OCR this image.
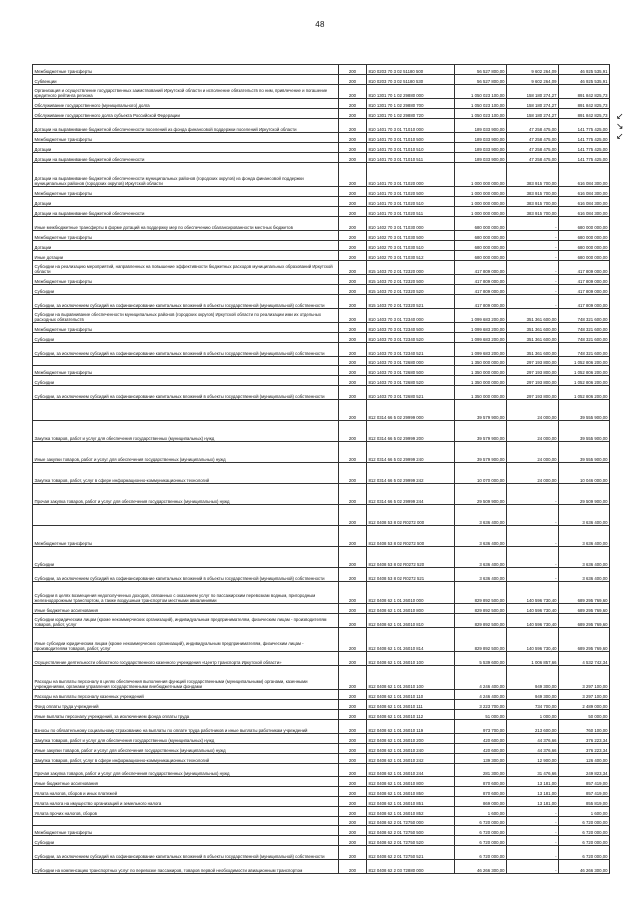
48
Межбюджетные трансферты	200	810 0203 70 3 02 51180 500	56 527 800,00	9 602 264,09	46 925 535,91
Субвенции	200	810 0203 70 3 02 51180 530	56 527 800,00	9 602 264,09	46 925 535,91
Организация и осуществление государственных заимствований Иркутской области и исполнение обязательств по ним, привлечение и погашение кредитного рейтинга региона	200	810 1301 70 1 02 29880 000	1 050 023 100,00	158 180 274,27	891 842 825,73
Обслуживание государственного (муниципального) долга	200	810 1301 70 1 02 29880 700	1 050 023 100,00	158 180 274,27	891 842 825,73
Обслуживание государственного долга субъекта Российской Федерации	200	810 1301 70 1 02 29880 720	1 050 023 100,00	158 180 274,27	891 842 825,73
Дотации на выравнивание бюджетной обеспеченности поселений из фонда финансовой поддержки поселений Иркутской области	200	810 1401 70 3 01 71010 000	189 033 900,00	47 258 475,00	141 775 425,00
Межбюджетные трансферты	200	810 1401 70 3 01 71010 500	189 033 900,00	47 258 475,00	141 775 425,00
Дотации	200	810 1401 70 3 01 71010 510	189 033 900,00	47 258 475,00	141 775 425,00
Дотации на выравнивание бюджетной обеспеченности	200	810 1401 70 3 01 71010 511	189 033 900,00	47 258 475,00	141 775 425,00
Дотации на выравнивание бюджетной обеспеченности муниципальных районов (городских округов) из фонда финансовой поддержки муниципальных районов (городских округов) Иркутской области	200	810 1401 70 3 01 71020 000	1 000 000 000,00	383 915 700,00	616 084 300,00
Межбюджетные трансферты	200	810 1401 70 3 01 71020 500	1 000 000 000,00	383 915 700,00	616 084 300,00
Дотации	200	810 1401 70 3 01 71020 510	1 000 000 000,00	383 915 700,00	616 084 300,00
Дотации на выравнивание бюджетной обеспеченности	200	810 1401 70 3 01 71020 511	1 000 000 000,00	383 915 700,00	616 084 300,00
Иные межбюджетные трансферты в форме дотаций на поддержку мер по обеспечению сбалансированности местных бюджетов	200	810 1402 70 3 01 71030 000	680 000 000,00	-	680 000 000,00
Межбюджетные трансферты	200	810 1402 70 3 01 71030 500	680 000 000,00	-	680 000 000,00
Дотации	200	810 1402 70 3 01 71030 510	680 000 000,00	-	680 000 000,00
Иные дотации	200	810 1402 70 3 01 71030 512	680 000 000,00	-	680 000 000,00
Субсидии на реализацию мероприятий, направленных на повышение эффективности бюджетных расходов муниципальных образований Иркутской области	200	815 1403 70 2 01 72320 000	417 809 000,00	-	417 809 000,00
Межбюджетные трансферты	200	815 1403 70 2 01 72320 500	417 809 000,00	-	417 809 000,00
Субсидии	200	815 1403 70 2 01 72320 520	417 809 000,00	-	417 809 000,00
Субсидии, за исключением субсидий на софинансирование капитальных вложений в объекты государственной (муниципальной) собственности	200	815 1403 70 2 01 72320 521	417 809 000,00	-	417 809 000,00
Субсидии на выравнивание обеспеченности муниципальных районов (городских округов) Иркутской области по реализации ими их отдельных расходных обязательств	200	810 1403 70 3 01 72340 000	1 099 683 200,00	351 361 600,00	748 321 600,00
Межбюджетные трансферты	200	810 1403 70 3 01 72340 500	1 099 683 200,00	351 361 600,00	748 321 600,00
Субсидии	200	810 1403 70 3 01 72340 520	1 099 683 200,00	351 361 600,00	748 321 600,00
Субсидии, за исключением субсидий на софинансирование капитальных вложений в объекты государственной (муниципальной) собственности	200	810 1403 70 3 01 72340 521	1 099 683 200,00	351 361 600,00	748 321 600,00
	200	810 1403 70 3 01 72680 000	1 350 000 000,00	297 193 800,00	1 052 806 200,00
Межбюджетные трансферты	200	810 1403 70 3 01 72680 500	1 350 000 000,00	297 193 800,00	1 052 806 200,00
Субсидии	200	810 1403 70 3 01 72680 520	1 350 000 000,00	297 193 800,00	1 052 806 200,00
Субсидии, за исключением субсидий на софинансирование капитальных вложений в объекты государственной (муниципальной) собственности	200	810 1403 70 3 01 72680 521	1 350 000 000,00	297 193 800,00	1 052 806 200,00
	200	812 0314 66 5 02 29999 000	39 579 900,00	24 000,00	39 555 900,00
Закупка товаров, работ и услуг для обеспечения государственных (муниципальных) нужд	200	812 0314 66 5 02 29999 200	39 579 900,00	24 000,00	39 555 900,00
Иные закупки товаров, работ и услуг для обеспечения государственных (муниципальных) нужд	200	812 0314 66 5 02 29999 240	39 579 900,00	24 000,00	39 555 900,00
Закупка товаров, работ, услуг в сфере информационно-коммуникационных технологий	200	812 0314 66 5 02 29999 242	10 070 000,00	24 000,00	10 046 000,00
Прочая закупка товаров, работ и услуг для обеспечения государственных (муниципальных) нужд	200	812 0314 66 5 02 29999 244	29 509 900,00	-	29 509 900,00
	200	812 0408 53 8 02 R0272 000	3 636 400,00	-	3 636 400,00
Межбюджетные трансферты	200	812 0408 53 8 02 R0272 500	3 636 400,00	-	3 636 400,00
Субсидии	200	812 0408 53 8 02 R0272 520	3 636 400,00	-	3 636 400,00
Субсидии, за исключением субсидий на софинансирование капитальных вложений в объекты государственной (муниципальной) собственности	200	812 0408 53 8 02 R0272 521	3 636 400,00	-	3 636 400,00
Субсидии в целях возмещения недополученных доходов, связанных с оказанием услуг по пассажирским перевозкам водным, пригородным железнодорожным транспортом, а также воздушным транспортом местными авиалиниями	200	812 0408 62 1 01 26010 000	829 892 500,00	140 596 730,40	689 295 769,60
Иные бюджетные ассигнования	200	812 0408 62 1 01 26010 800	829 892 500,00	140 596 730,40	689 295 769,60
Субсидии юридическим лицам (кроме некоммерческих организаций), индивидуальным предпринимателям, физическим лицам - производителям товаров, работ, услуг	200	812 0408 62 1 01 26010 810	829 892 500,00	140 596 730,40	689 295 769,60
Иные субсидии юридическим лицам (кроме некоммерческих организаций), индивидуальным предпринимателям, физическим лицам - производителям товаров, работ, услуг	200	812 0408 62 1 01 26010 814	829 892 500,00	140 596 730,40	689 295 769,60
Осуществление деятельности областного государственного казенного учреждения «Центр транспорта Иркутской области»	200	812 0408 62 1 01 26010 100	5 539 600,00	1 006 857,66	4 532 742,34
Расходы на выплаты персоналу в целях обеспечения выполнения функций государственными (муниципальными) органами, казенными учреждениями, органами управления государственными внебюджетными фондами	200	812 0408 62 1 01 26010 100	4 246 400,00	949 300,00	3 297 100,00
Расходы на выплаты персоналу казенных учреждений	200	812 0408 62 1 01 26010 110	4 246 400,00	949 300,00	3 297 100,00
Фонд оплаты труда учреждений	200	812 0408 62 1 01 26010 111	3 223 700,00	734 700,00	2 489 000,00
Иные выплаты персоналу учреждений, за исключением фонда оплаты труда	200	812 0408 62 1 01 26010 112	51 000,00	1 000,00	50 000,00
Взносы по обязательному социальному страхованию на выплаты по оплате труда работников и иные выплаты работникам учреждений	200	812 0408 62 1 01 26010 119	973 700,00	213 600,00	760 100,00
Закупка товаров, работ и услуг для обеспечения государственных (муниципальных) нужд	200	812 0408 62 1 01 26010 200	420 600,00	44 376,66	376 223,34
Иные закупки товаров, работ и услуг для обеспечения государственных (муниципальных) нужд	200	812 0408 62 1 01 26010 240	420 600,00	44 376,66	376 223,34
Закупка товаров, работ, услуг в сфере информационно-коммуникационных технологий	200	812 0408 62 1 01 26010 242	139 300,00	12 900,00	126 400,00
Прочая закупка товаров, работ и услуг для обеспечения государственных (муниципальных) нужд	200	812 0408 62 1 01 26010 244	281 300,00	31 476,66	249 823,34
Иные бюджетные ассигнования	200	812 0408 62 1 01 26010 800	870 600,00	13 181,00	857 419,00
Уплата налогов, сборов и иных платежей	200	812 0408 62 1 01 26010 850	870 600,00	13 181,00	857 419,00
Уплата налога на имущество организаций и земельного налога	200	812 0408 62 1 01 26010 851	869 000,00	13 181,00	855 819,00
Уплата прочих налогов, сборов	200	812 0408 62 1 01 26010 852	1 600,00	-	1 600,00
	200	812 0408 62 2 01 72750 000	6 720 000,00	-	6 720 000,00
Межбюджетные трансферты	200	812 0408 62 2 01 72750 500	6 720 000,00	-	6 720 000,00
Субсидии	200	812 0408 62 2 01 72750 520	6 720 000,00	-	6 720 000,00
Субсидии, за исключением субсидий на софинансирование капитальных вложений в объекты государственной (муниципальной) собственности	200	812 0408 62 2 01 72750 521	6 720 000,00	-	6 720 000,00
Субсидии на компенсацию транспортных услуг по перевозке пассажиров, товаров первой необходимости авиационным транспортом	200	812 0408 62 2 03 72880 000	46 266 300,00	-	46 266 300,00
↙
↘
↙
